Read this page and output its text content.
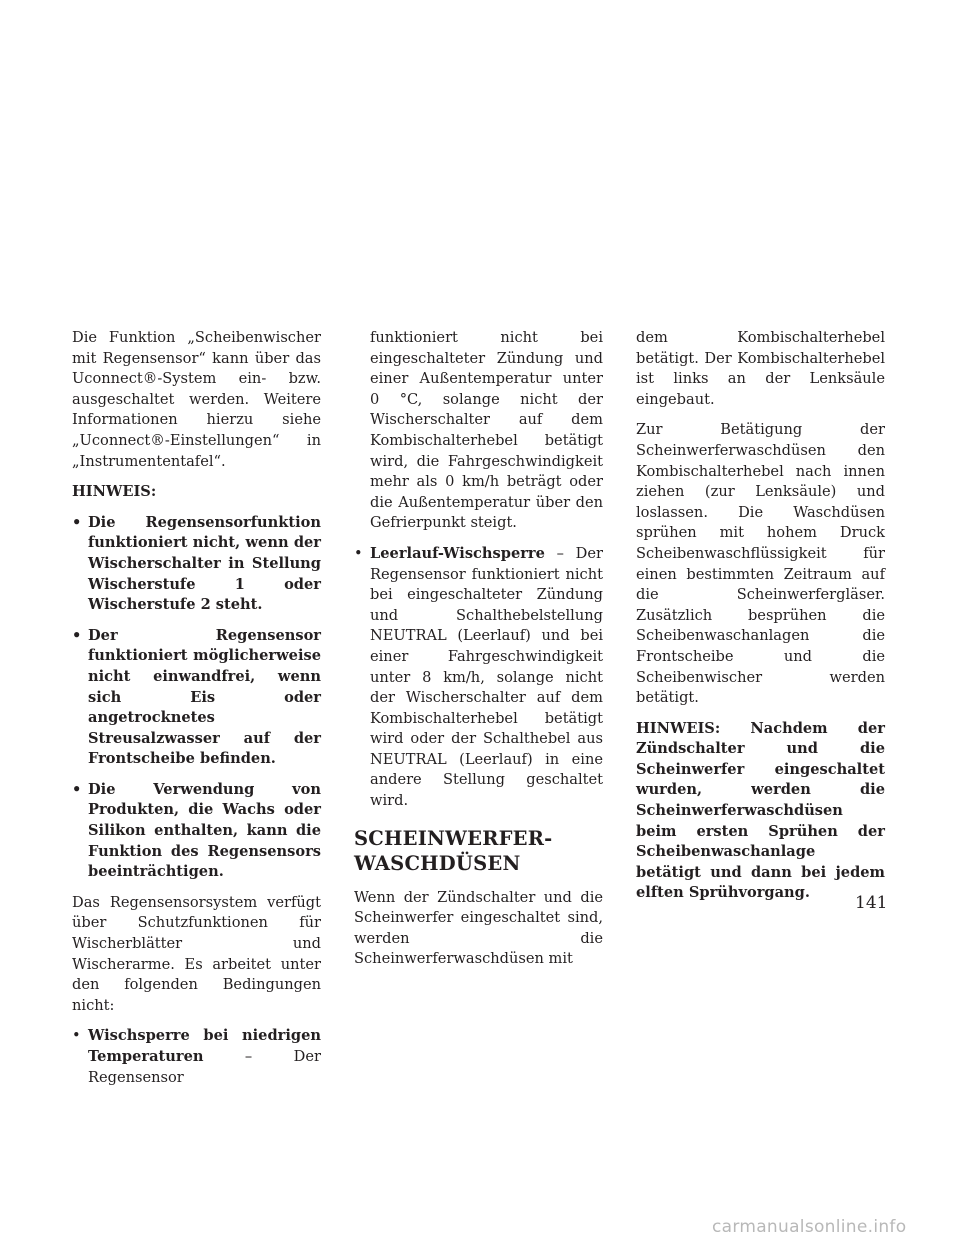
Die Funktion „Scheibenwischer mit Regensensor“ kann über das Uconnect®-System ein- bzw. ausgeschaltet werden. Weitere Informationen hierzu siehe „Uconnect®-Einstellungen“ in „Instrumententafel“.

HINWEIS:
• Die Regensensorfunktion funktioniert nicht, wenn der Wischerschalter in Stellung Wischerstufe 1 oder Wischerstufe 2 steht.
• Der Regensensor funktioniert möglicherweise nicht einwandfrei, wenn sich Eis oder angetrocknetes Streusalzwasser auf der Frontscheibe befinden.
• Die Verwendung von Produkten, die Wachs oder Silikon enthalten, kann die Funktion des Regensensors beeinträchtigen.

Das Regensensorsystem verfügt über Schutzfunktionen für Wischerblätter und Wischerarme. Es arbeitet unter den folgenden Bedingungen nicht:

• Wischsperre bei niedrigen Temperaturen – Der Regensensor

funktioniert nicht bei eingeschalteter Zündung und einer Außentemperatur unter 0 °C, solange nicht der Wischerschalter auf dem Kombischalterhebel betätigt wird, die Fahrgeschwindigkeit mehr als 0 km/h beträgt oder die Außentemperatur über den Gefrierpunkt steigt.

• Leerlauf-Wischsperre – Der Regensensor funktioniert nicht bei eingeschalteter Zündung und Schalthebelstellung NEUTRAL (Leerlauf) und bei einer Fahrgeschwindigkeit unter 8 km/h, solange nicht der Wischerschalter auf dem Kombischalterhebel betätigt wird oder der Schalthebel aus NEUTRAL (Leerlauf) in eine andere Stellung geschaltet wird.
SCHEINWERFER-
WASCHDÜSEN

Wenn der Zündschalter und die Scheinwerfer eingeschaltet sind, werden die Scheinwerferwaschdüsen mit

dem Kombischalterhebel betätigt. Der Kombischalterhebel ist links an der Lenksäule eingebaut.

Zur Betätigung der Scheinwerferwaschdüsen den Kombischalterhebel nach innen ziehen (zur Lenksäule) und loslassen. Die Waschdüsen sprühen mit hohem Druck Scheibenwaschflüssigkeit für einen bestimmten Zeitraum auf die Scheinwerfergläser. Zusätzlich besprühen die Scheibenwaschanlagen die Frontscheibe und die Scheibenwischer werden betätigt.

HINWEIS: Nachdem der Zündschalter und die Scheinwerfer eingeschaltet wurden, werden die Scheinwerferwaschdüsen beim ersten Sprühen der Scheibenwaschanlage betätigt und dann bei jedem elften Sprühvorgang.

141
carmanualsonline.info
